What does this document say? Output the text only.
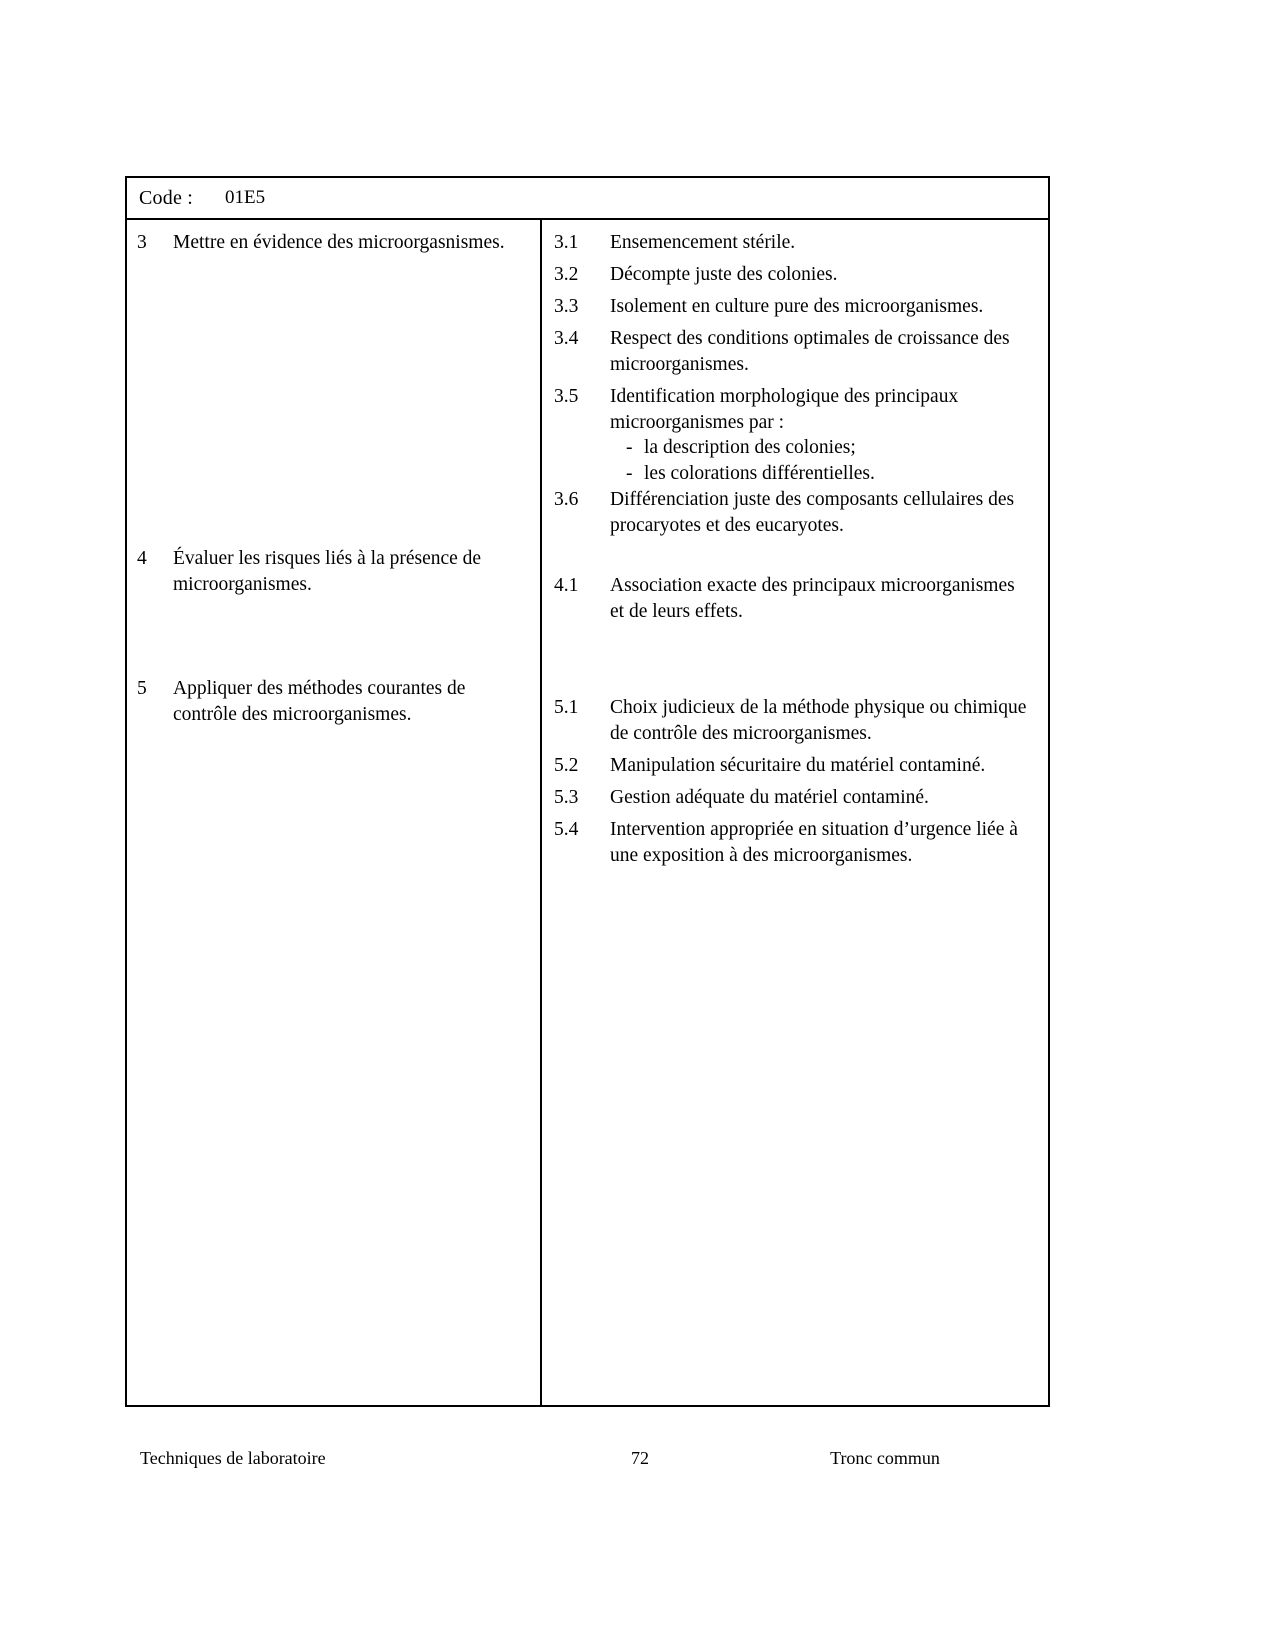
Code : 01E5
3	Mettre en évidence des microorgasnismes.
4	Évaluer les risques liés à la présence de microorganismes.
5	Appliquer des méthodes courantes de contrôle des microorganismes.
3.1	Ensemencement stérile.
3.2	Décompte juste des colonies.
3.3	Isolement en culture pure des microorganismes.
3.4	Respect des conditions optimales de croissance des microorganismes.
3.5	Identification morphologique des principaux microorganismes par :
- la description des colonies;
- les colorations différentielles.
3.6	Différenciation juste des composants cellulaires des procaryotes et des eucaryotes.
4.1	Association exacte des principaux microorganismes et de leurs effets.
5.1	Choix judicieux de la méthode physique ou chimique de contrôle des microorganismes.
5.2	Manipulation sécuritaire du matériel contaminé.
5.3	Gestion adéquate du matériel contaminé.
5.4	Intervention appropriée en situation d’urgence liée à une exposition à des microorganismes.
Techniques de laboratoire	72	Tronc commun
